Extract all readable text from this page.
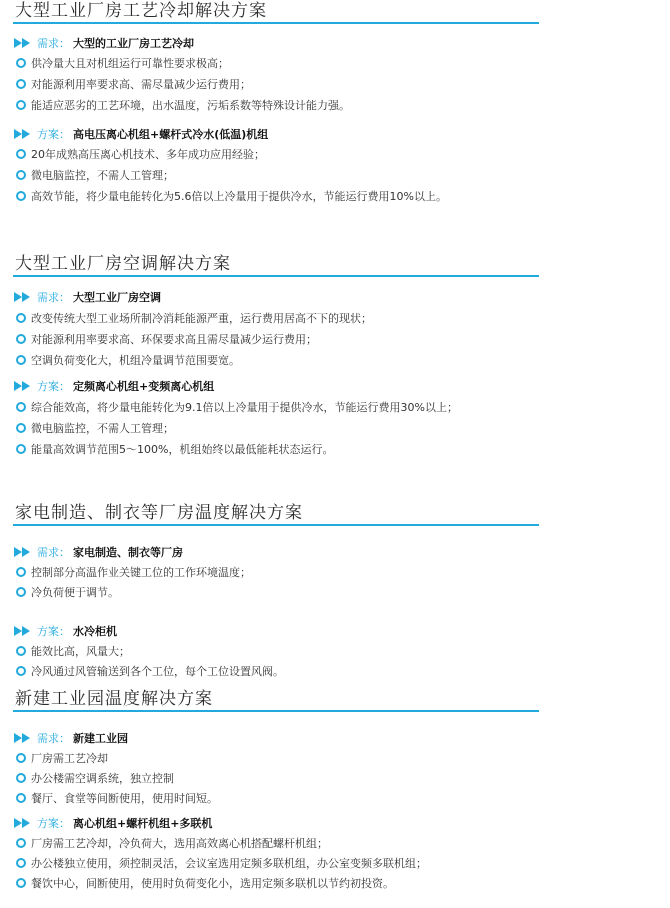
大型工业厂房工艺冷却解决方案
需求： 大型的工业厂房工艺冷却
供冷量大且对机组运行可靠性要求极高；
对能源利用率要求高、需尽量减少运行费用；
能适应恶劣的工艺环境，出水温度，污垢系数等特殊设计能力强。
方案： 高电压离心机组+螺杆式冷水(低温)机组
20年成熟高压离心机技术、多年成功应用经验；
微电脑监控，不需人工管理；
高效节能，将少量电能转化为5.6倍以上冷量用于提供冷水，节能运行费用10%以上。
大型工业厂房空调解决方案
需求： 大型工业厂房空调
改变传统大型工业场所制冷消耗能源严重，运行费用居高不下的现状；
对能源利用率要求高、环保要求高且需尽量减少运行费用；
空调负荷变化大，机组冷量调节范围要宽。
方案： 定频离心机组+变频离心机组
综合能效高，将少量电能转化为9.1倍以上冷量用于提供冷水，节能运行费用30%以上；
微电脑监控，不需人工管理；
能量高效调节范围5～100%，机组始终以最低能耗状态运行。
家电制造、制衣等厂房温度解决方案
需求： 家电制造、制衣等厂房
控制部分高温作业关键工位的工作环境温度；
冷负荷便于调节。
方案： 水冷柜机
能效比高，风量大；
冷风通过风管输送到各个工位，每个工位设置风阀。
新建工业园温度解决方案
需求： 新建工业园
厂房需工艺冷却
办公楼需空调系统，独立控制
餐厅、食堂等间断使用，使用时间短。
方案： 离心机组+螺杆机组+多联机
厂房需工艺冷却，冷负荷大，选用高效离心机搭配螺杆机组；
办公楼独立使用，须控制灵活，会议室选用定频多联机组，办公室变频多联机组；
餐饮中心，间断使用，使用时负荷变化小，选用定频多联机以节约初投资。
